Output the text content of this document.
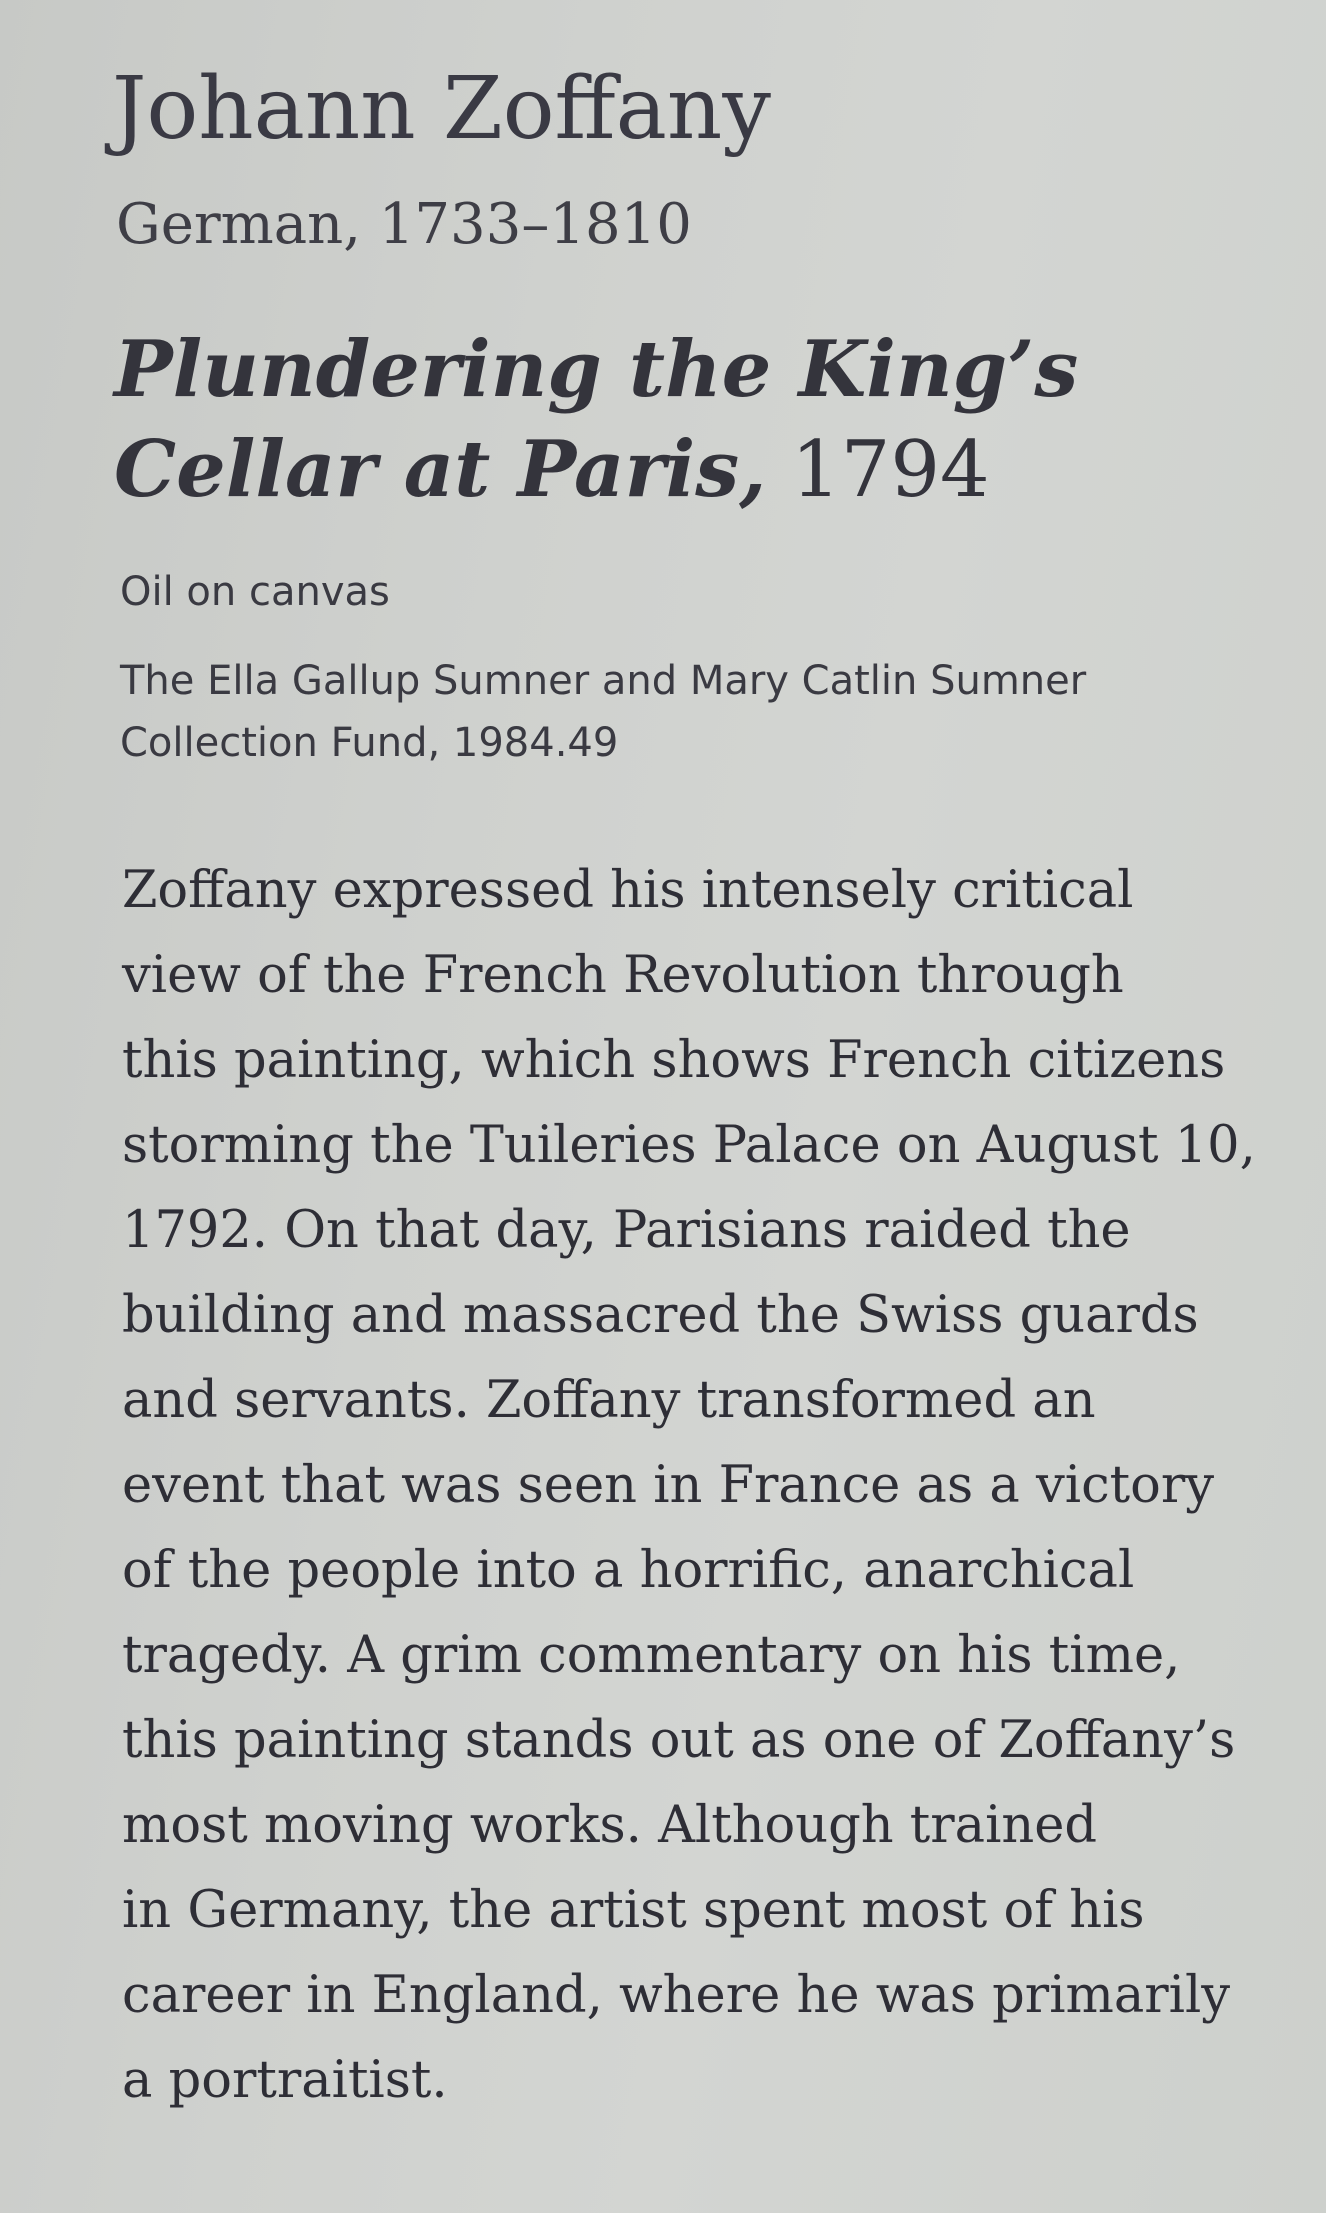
Johann Zoffany

German, 1733–1810

Plundering the King’s Cellar at Paris, 1794

Oil on canvas

The Ella Gallup Sumner and Mary Catlin Sumner
Collection Fund, 1984.49

Zoffany expressed his intensely critical
view of the French Revolution through
this painting, which shows French citizens
storming the Tuileries Palace on August 10,
1792. On that day, Parisians raided the
building and massacred the Swiss guards
and servants. Zoffany transformed an
event that was seen in France as a victory
of the people into a horrific, anarchical
tragedy. A grim commentary on his time,
this painting stands out as one of Zoffany’s
most moving works. Although trained
in Germany, the artist spent most of his
career in England, where he was primarily
a portraitist.
